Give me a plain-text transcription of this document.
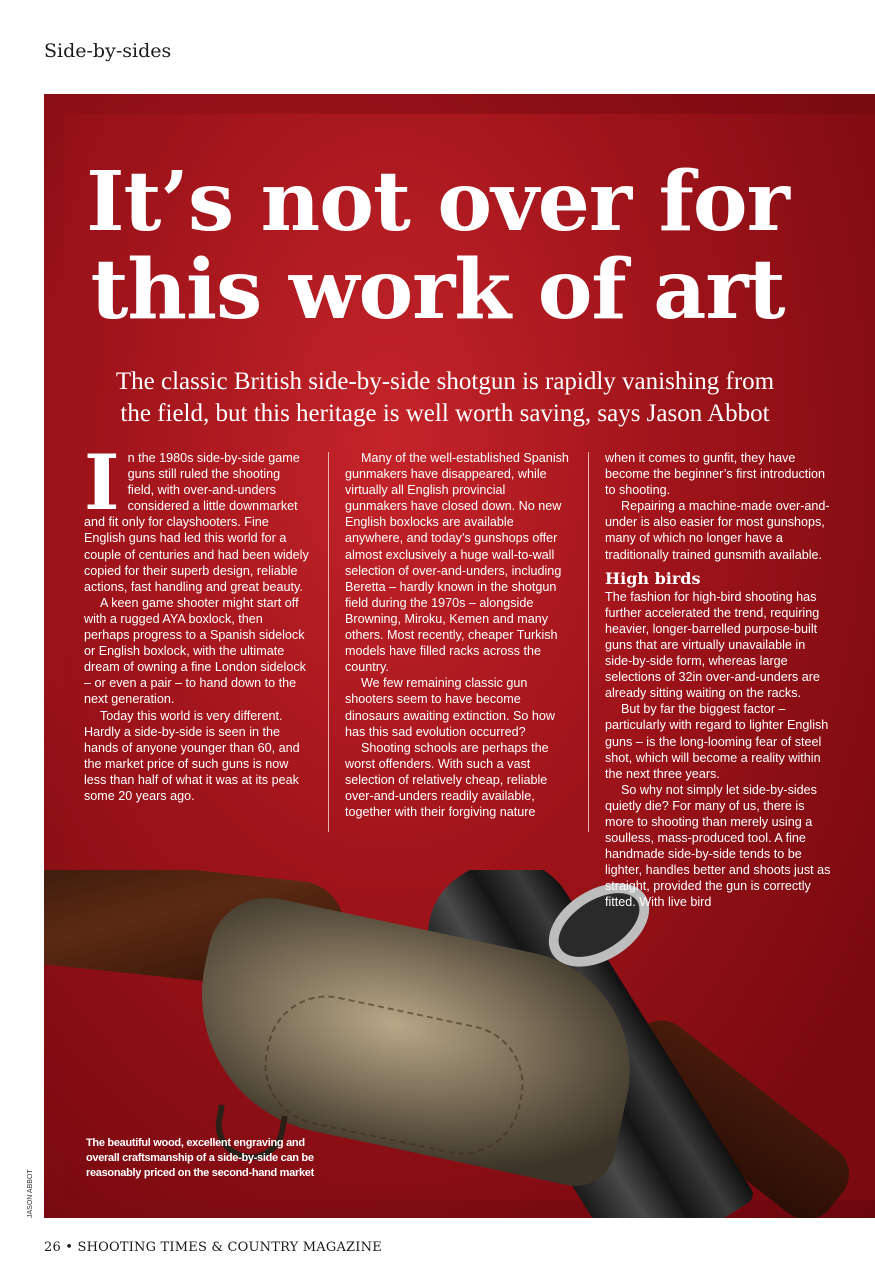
Side-by-sides
It’s not over for
this work of art
The classic British side-by-side shotgun is rapidly vanishing from
the field, but this heritage is well worth saving, says Jason Abbot

In the 1980s side-by-side game guns still ruled the shooting field, with over-and-unders considered a little downmarket and fit only for clayshooters. Fine English guns had led this world for a couple of centuries and had been widely copied for their superb design, reliable actions, fast handling and great beauty.

A keen game shooter might start off with a rugged AYA boxlock, then perhaps progress to a Spanish sidelock or English boxlock, with the ultimate dream of owning a fine London sidelock – or even a pair – to hand down to the next generation.

Today this world is very different. Hardly a side-by-side is seen in the hands of anyone younger than 60, and the market price of such guns is now less than half of what it was at its peak some 20 years ago.

Many of the well-established Spanish gunmakers have disappeared, while virtually all English provincial gunmakers have closed down. No new English boxlocks are available anywhere, and today’s gunshops offer almost exclusively a huge wall-to-wall selection of over-and-unders, including Beretta – hardly known in the shotgun field during the 1970s – alongside Browning, Miroku, Kemen and many others. Most recently, cheaper Turkish models have filled racks across the country.

We few remaining classic gun shooters seem to have become dinosaurs awaiting extinction. So how has this sad evolution occurred?

Shooting schools are perhaps the worst offenders. With such a vast selection of relatively cheap, reliable over-and-unders readily available, together with their forgiving nature

when it comes to gunfit, they have become the beginner’s first introduction to shooting.

Repairing a machine-made over-and-under is also easier for most gunshops, many of which no longer have a traditionally trained gunsmith available.

High birds

The fashion for high-bird shooting has further accelerated the trend, requiring heavier, longer-barrelled purpose-built guns that are virtually unavailable in side-by-side form, whereas large selections of 32in over-and-unders are already sitting waiting on the racks.

But by far the biggest factor – particularly with regard to lighter English guns – is the long-looming fear of steel shot, which will become a reality within the next three years.

So why not simply let side-by-sides quietly die? For many of us, there is more to shooting than merely using a soulless, mass-produced tool. A fine handmade side-by-side tends to be lighter, handles better and shoots just as straight, provided the gun is correctly fitted. With live bird

The beautiful wood, excellent engraving and overall craftsmanship of a side-by-side can be reasonably priced on the second-hand market
JASON ABBOT
26 • SHOOTING TIMES & COUNTRY MAGAZINE
